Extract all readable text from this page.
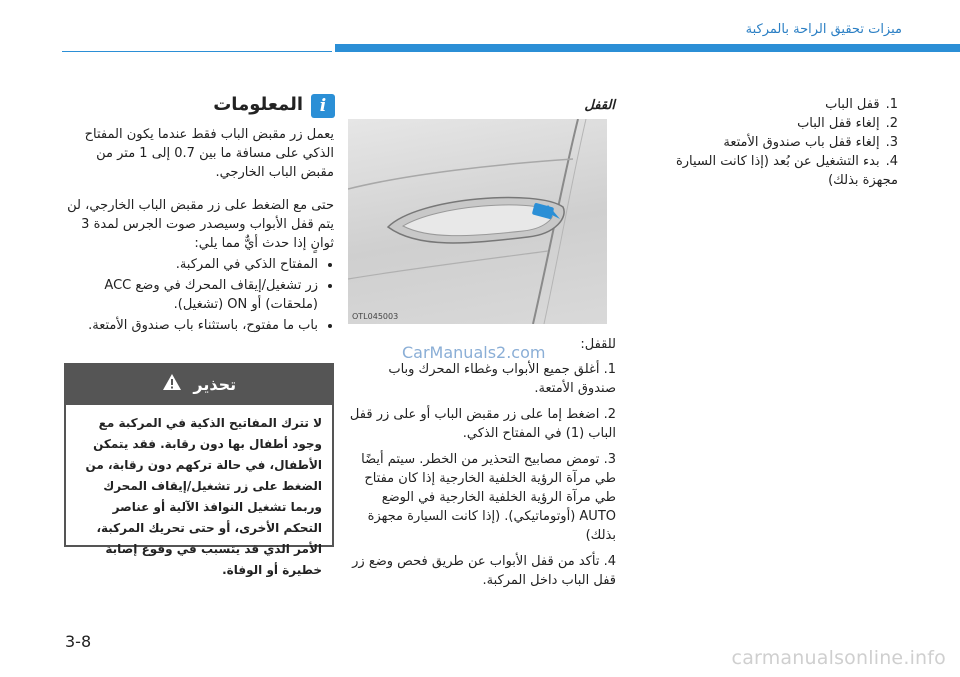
ميزات تحقيق الراحة بالمركبة
1.قفل الباب
2.إلغاء قفل الباب
3.إلغاء قفل باب صندوق الأمتعة
4.بدء التشغيل عن بُعد (إذا كانت السيارة مجهزة بذلك)
القفل
OTL045003
CarManuals2.com	للقفل:
1. أغلق جميع الأبواب وغطاء المحرك وباب صندوق الأمتعة.
2. اضغط إما على زر مقبض الباب أو على زر قفل الباب (1) في المفتاح الذكي.
3. تومض مصابيح التحذير من الخطر. سيتم أيضًا طي مرآة الرؤية الخلفية الخارجية إذا كان مفتاح طي مرآة الرؤية الخلفية الخارجية في الوضع AUTO (أوتوماتيكي). (إذا كانت السيارة مجهزة بذلك)
4. تأكد من قفل الأبواب عن طريق فحص وضع زر قفل الباب داخل المركبة.
i
المعلومات

يعمل زر مقبض الباب فقط عندما يكون المفتاح الذكي على مسافة ما بين 0.7 إلى 1 متر من مقبض الباب الخارجي.

حتى مع الضغط على زر مقبض الباب الخارجي، لن يتم قفل الأبواب وسيصدر صوت الجرس لمدة 3 ثوانٍ إذا حدث أيٌّ مما يلي:

• المفتاح الذكي في المركبة.
• زر تشغيل/إيقاف المحرك في وضع ACC (ملحقات) أو ON (تشغيل).
• باب ما مفتوح، باستثناء باب صندوق الأمتعة.
تحذير
لا تترك المفاتيح الذكية في المركبة مع وجود أطفال بها دون رقابة. فقد يتمكن الأطفال، في حالة تركهم دون رقابة، من الضغط على زر تشغيل/إيقاف المحرك وربما تشغيل النوافذ الآلية أو عناصر التحكم الأخرى، أو حتى تحريك المركبة، الأمر الذي قد يتسبب في وقوع إصابة خطيرة أو الوفاة.
3-8
carmanualsonline.info
